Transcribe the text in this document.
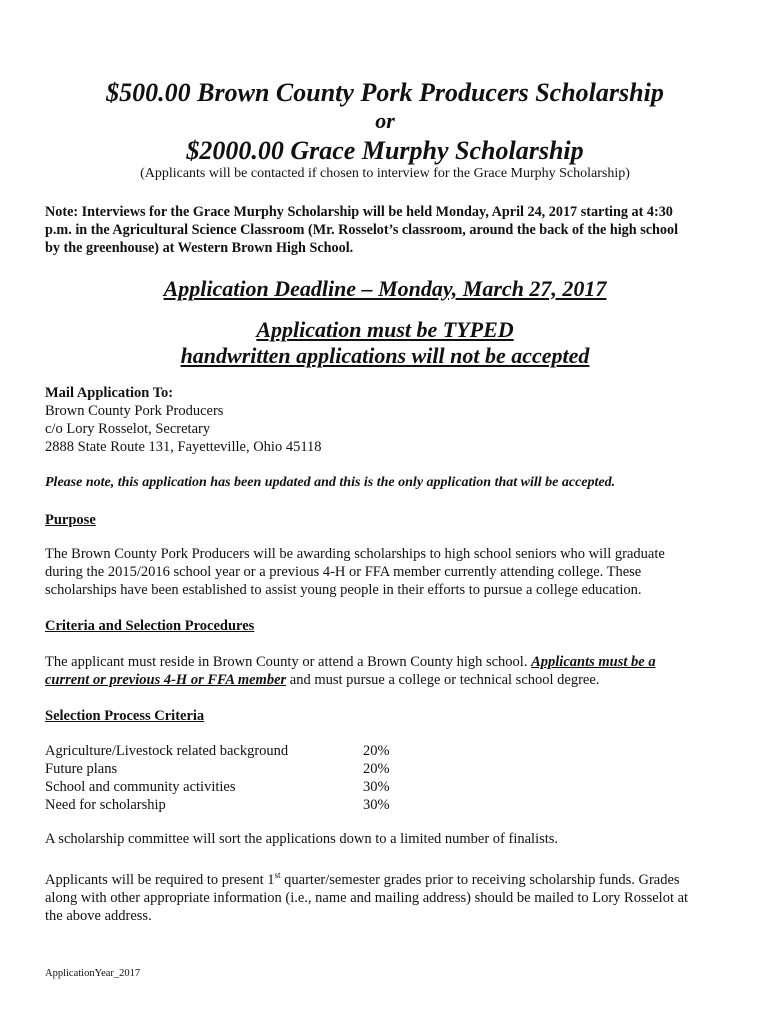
$500.00 Brown County Pork Producers Scholarship
or
$2000.00 Grace Murphy Scholarship
(Applicants will be contacted if chosen to interview for the Grace Murphy Scholarship)
Note: Interviews for the Grace Murphy Scholarship will be held Monday, April 24, 2017 starting at 4:30
p.m. in the Agricultural Science Classroom (Mr. Rosselot’s classroom, around the back of the high school
by the greenhouse) at Western Brown High School.
Application Deadline – Monday, March 27, 2017
Application must be TYPED
handwritten applications will not be accepted
Mail Application To:
Brown County Pork Producers
c/o Lory Rosselot, Secretary
2888 State Route 131, Fayetteville, Ohio 45118
Please note, this application has been updated and this is the only application that will be accepted.
Purpose
The Brown County Pork Producers will be awarding scholarships to high school seniors who will graduate
during the 2015/2016 school year or a previous 4-H or FFA member currently attending college. These
scholarships have been established to assist young people in their efforts to pursue a college education.
Criteria and Selection Procedures
The applicant must reside in Brown County or attend a Brown County high school. Applicants must be a
current or previous 4-H or FFA member and must pursue a college or technical school degree.
Selection Process Criteria
Agriculture/Livestock related background	20%
Future plans	20%
School and community activities	30%
Need for scholarship	30%
A scholarship committee will sort the applications down to a limited number of finalists.
Applicants will be required to present 1st quarter/semester grades prior to receiving scholarship funds. Grades
along with other appropriate information (i.e., name and mailing address) should be mailed to Lory Rosselot at
the above address.
ApplicationYear_2017
